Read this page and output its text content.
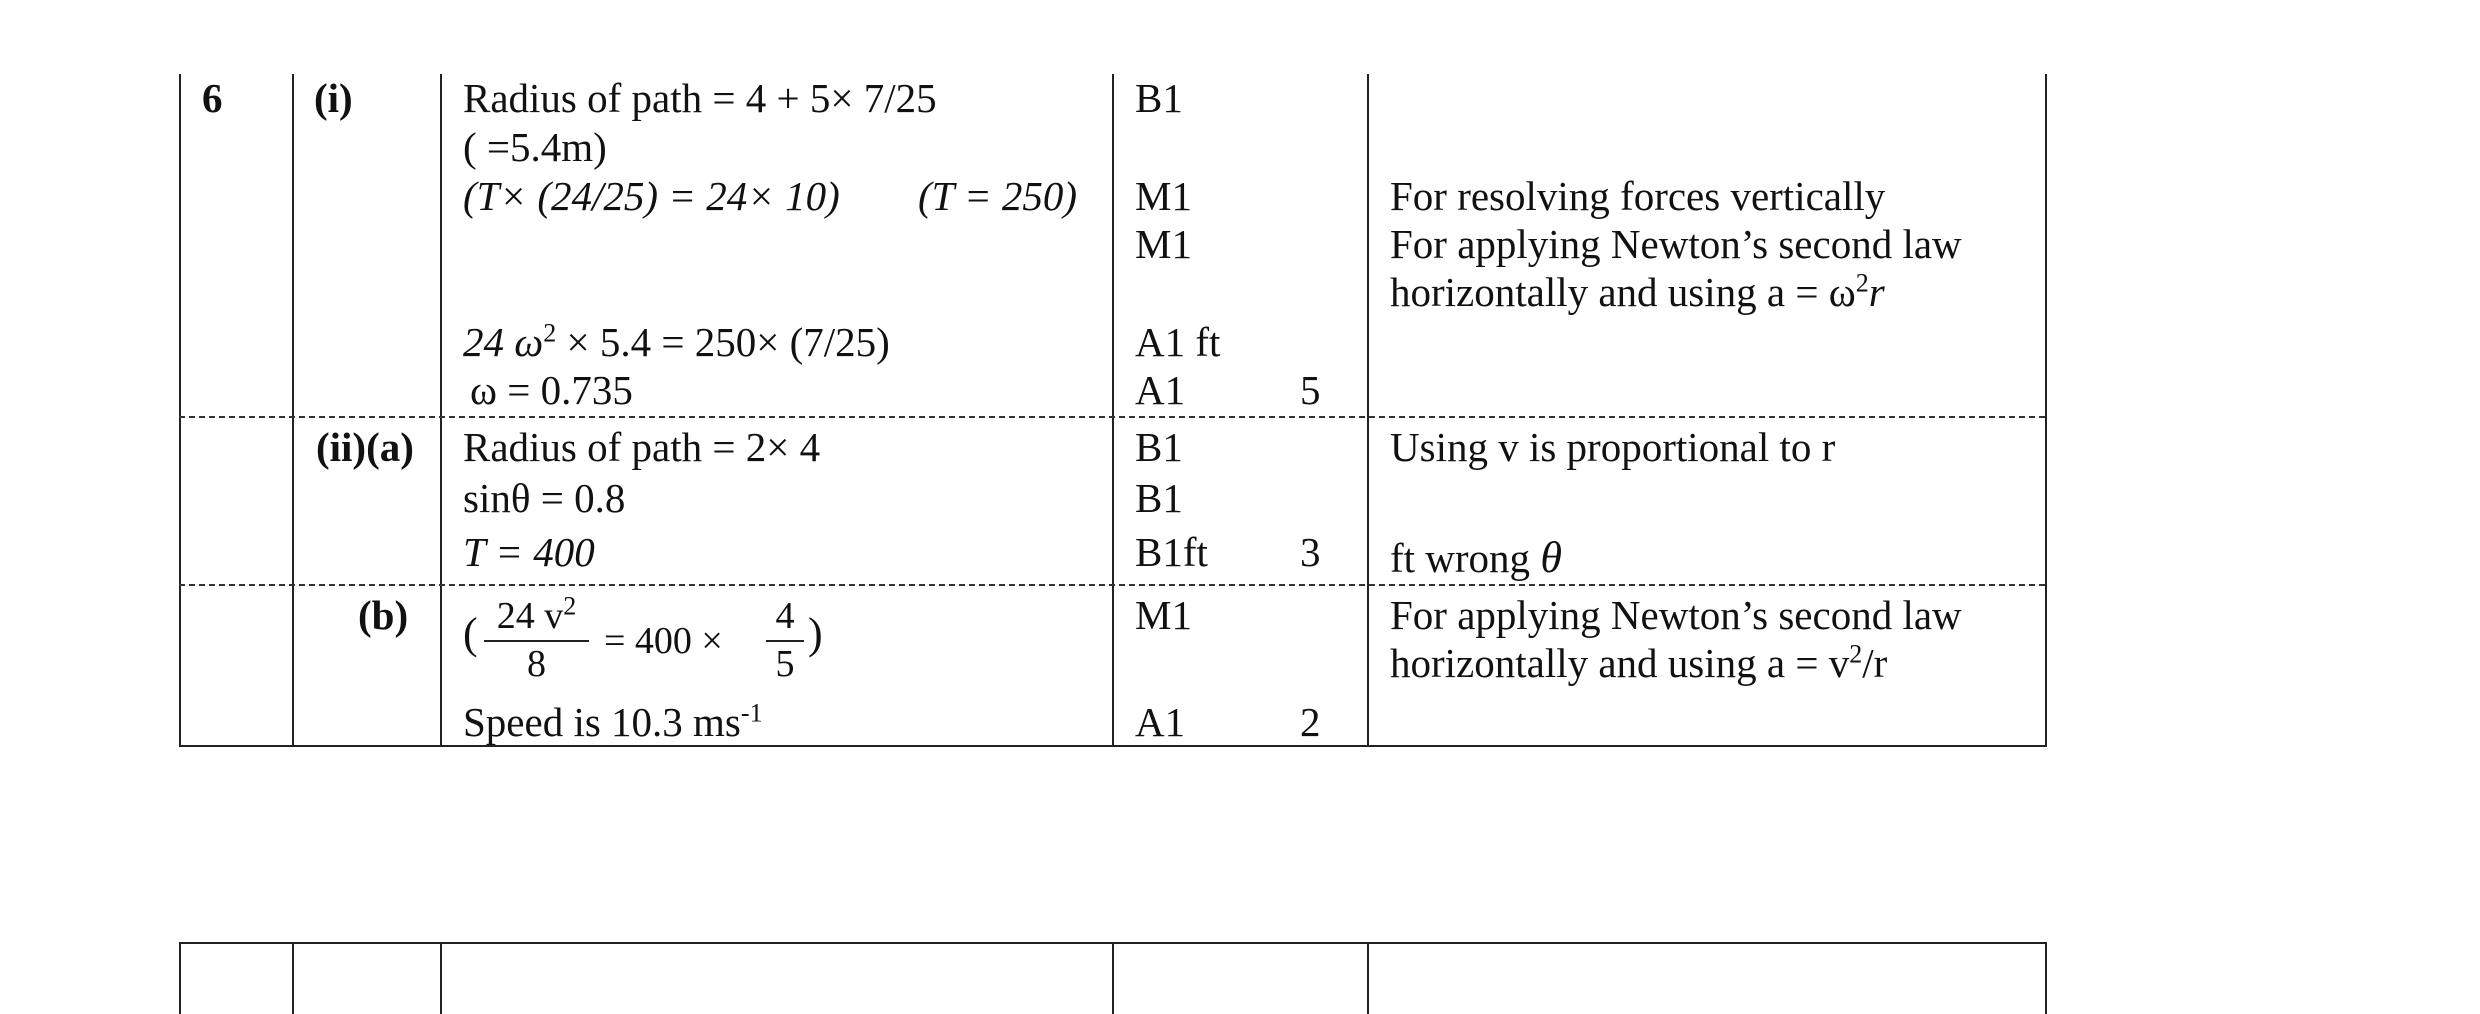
6 (i)
(ii)(a)
(b)
Radius of path = 4 + 5× 7/25
( =5.4m)
(T× (24/25) = 24× 10) (T = 250)
24 $\omega^2 \times 5.4 = 250\times (7/25)$
ω = 0.735
B1
M1
M1
A1 ft
A1	5
For resolving forces vertically
For applying Newton’s second law
horizontally and using $a = \omega^2r$
Radius of path = 2× 4
sinθ = 0.8
T = 400
B1
B1
B1ft 3
Using v is proportional to r
ft wrong θ
( 24 $v^2$
8
= 400 ×
4
5
)
Speed is 10.3 $ms^{-1}$
M1
A1	2
For applying Newton’s second law
horizontally and using $a = v^2/r$
